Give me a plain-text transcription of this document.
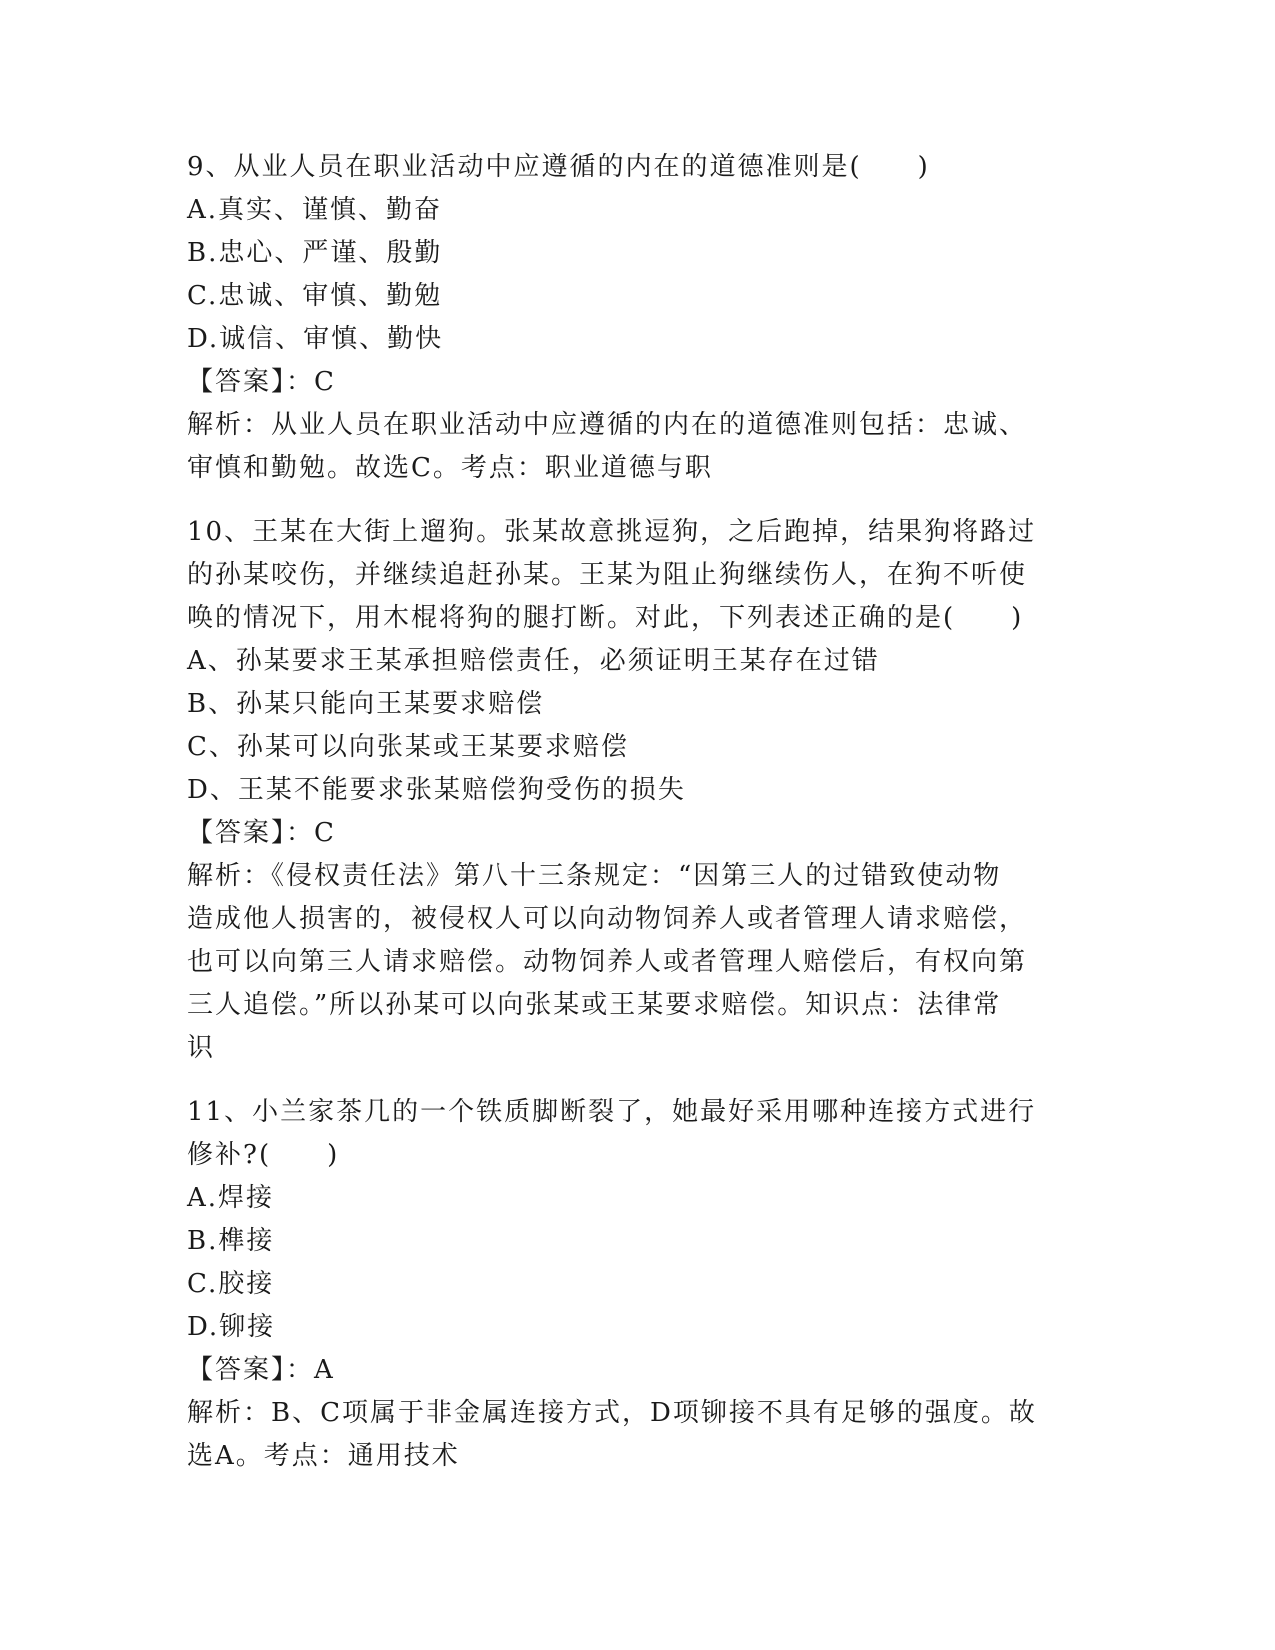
9、从业人员在职业活动中应遵循的内在的道德准则是(　　)
A.真实、谨慎、勤奋
B.忠心、严谨、殷勤
C.忠诚、审慎、勤勉
D.诚信、审慎、勤快
【答案】：C
解析：从业人员在职业活动中应遵循的内在的道德准则包括：忠诚、
审慎和勤勉。故选C。考点：职业道德与职
10、王某在大街上遛狗。张某故意挑逗狗，之后跑掉，结果狗将路过
的孙某咬伤，并继续追赶孙某。王某为阻止狗继续伤人，在狗不听使
唤的情况下，用木棍将狗的腿打断。对此，下列表述正确的是(　　)
A、孙某要求王某承担赔偿责任，必须证明王某存在过错
B、孙某只能向王某要求赔偿
C、孙某可以向张某或王某要求赔偿
D、王某不能要求张某赔偿狗受伤的损失
【答案】：C
解析：《侵权责任法》第八十三条规定：“因第三人的过错致使动物
造成他人损害的，被侵权人可以向动物饲养人或者管理人请求赔偿，
也可以向第三人请求赔偿。动物饲养人或者管理人赔偿后，有权向第
三人追偿。”所以孙某可以向张某或王某要求赔偿。知识点：法律常
识
11、小兰家茶几的一个铁质脚断裂了，她最好采用哪种连接方式进行
修补?(　　)
A.焊接
B.榫接
C.胶接
D.铆接
【答案】：A
解析：B、C项属于非金属连接方式，D项铆接不具有足够的强度。故
选A。考点：通用技术
